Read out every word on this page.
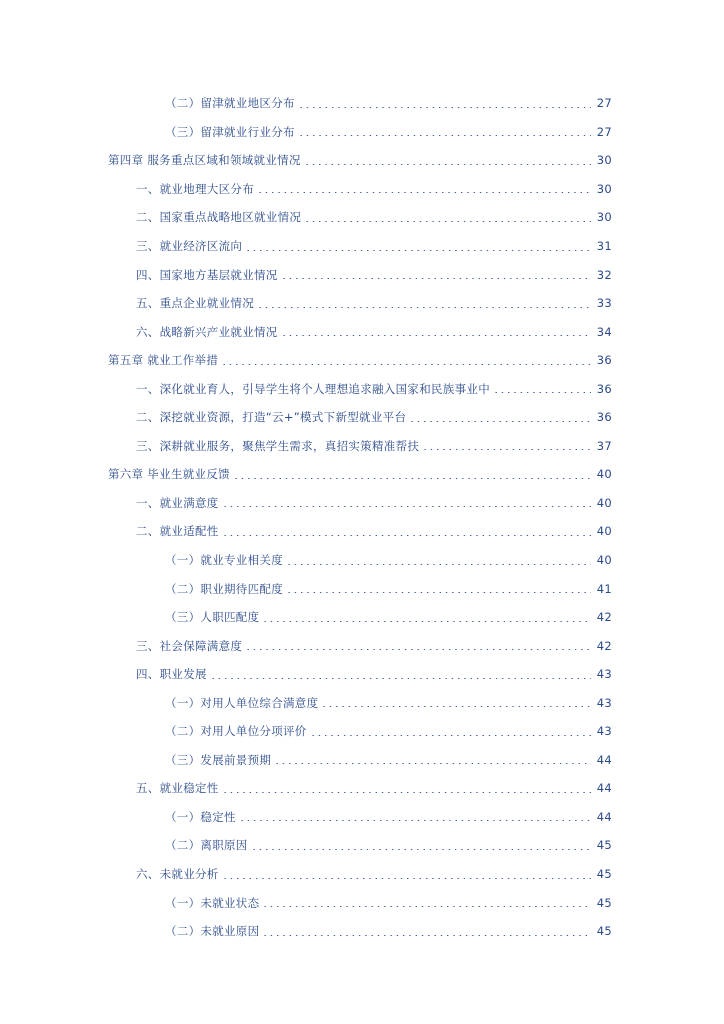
（二）留津就业地区分布	27
（三）留津就业行业分布	27
第四章 服务重点区域和领域就业情况	30
一、就业地理大区分布	30
二、国家重点战略地区就业情况	30
三、就业经济区流向	31
四、国家地方基层就业情况	32
五、重点企业就业情况	33
六、战略新兴产业就业情况	34
第五章 就业工作举措	36
一、深化就业育人，引导学生将个人理想追求融入国家和民族事业中	36
二、深挖就业资源，打造“云+”模式下新型就业平台	36
三、深耕就业服务，聚焦学生需求，真招实策精准帮扶	37
第六章 毕业生就业反馈	40
一、就业满意度	40
二、就业适配性	40
（一）就业专业相关度	40
（二）职业期待匹配度	41
（三）人职匹配度	42
三、社会保障满意度	42
四、职业发展	43
（一）对用人单位综合满意度	43
（二）对用人单位分项评价	43
（三）发展前景预期	44
五、就业稳定性	44
（一）稳定性	44
（二）离职原因	45
六、未就业分析	45
（一）未就业状态	45
（二）未就业原因	45
